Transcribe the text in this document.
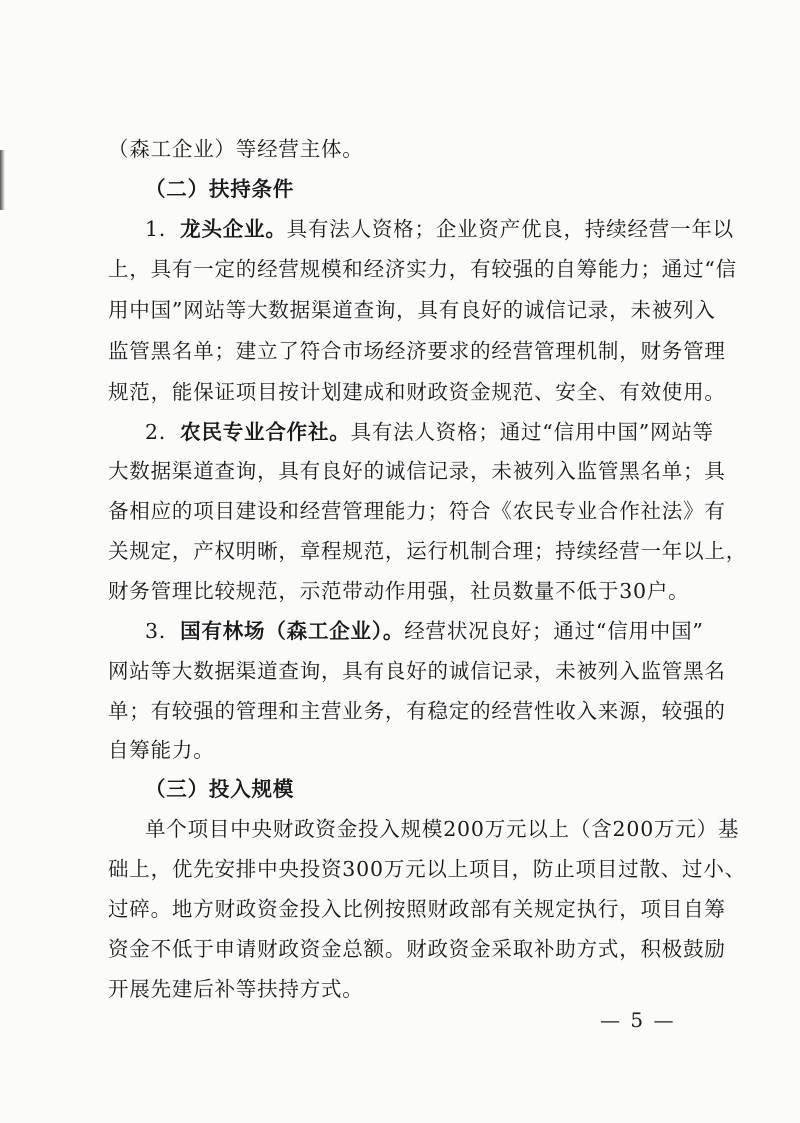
（森工企业）等经营主体。
（二）扶持条件
1．龙头企业。具有法人资格；企业资产优良，持续经营一年以
上，具有一定的经营规模和经济实力，有较强的自筹能力；通过“信
用中国”网站等大数据渠道查询，具有良好的诚信记录，未被列入
监管黑名单；建立了符合市场经济要求的经营管理机制，财务管理
规范，能保证项目按计划建成和财政资金规范、安全、有效使用。
2．农民专业合作社。具有法人资格；通过“信用中国”网站等
大数据渠道查询，具有良好的诚信记录，未被列入监管黑名单；具
备相应的项目建设和经营管理能力；符合《农民专业合作社法》有
关规定，产权明晰，章程规范，运行机制合理；持续经营一年以上，
财务管理比较规范，示范带动作用强，社员数量不低于30户。
3．国有林场（森工企业）。经营状况良好；通过“信用中国”
网站等大数据渠道查询，具有良好的诚信记录，未被列入监管黑名
单；有较强的管理和主营业务，有稳定的经营性收入来源，较强的
自筹能力。
（三）投入规模
单个项目中央财政资金投入规模200万元以上（含200万元）基
础上，优先安排中央投资300万元以上项目，防止项目过散、过小、
过碎。地方财政资金投入比例按照财政部有关规定执行，项目自筹
资金不低于申请财政资金总额。财政资金采取补助方式，积极鼓励
开展先建后补等扶持方式。
— 5 —
